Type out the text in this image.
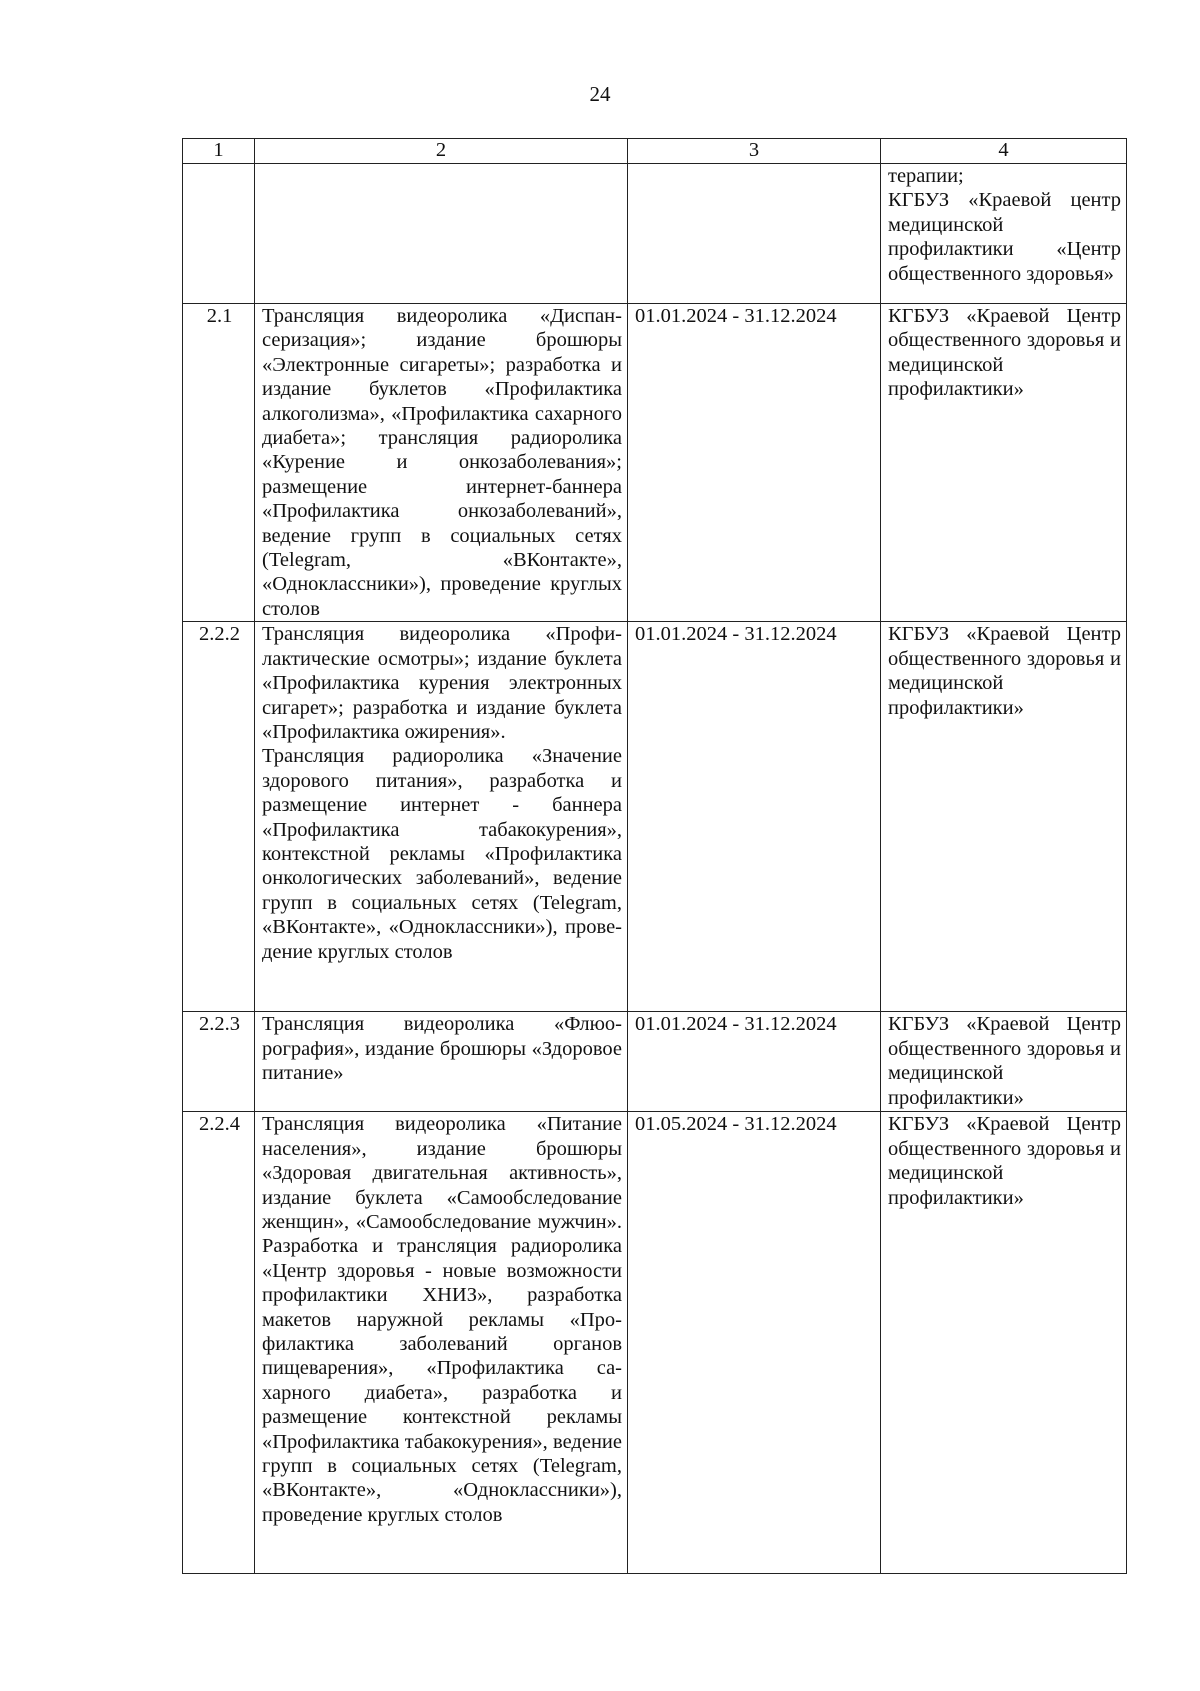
24
1	2	3	4

			терапии;
КГБУЗ «Краевой центр медицинской профилактики «Центр общественного здоровья»

2.1	Трансляция видеоролика «Диспансеризация»; издание брошюры «Электронные сигареты»; разработка и издание буклетов «Профилактика алкоголизма», «Профилактика сахарного диабета»; трансляция радиоролика «Курение и онкозаболевания»; размещение интернет-баннера «Профилактика онкозаболеваний», ведение групп в социальных сетях (Telegram, «ВКонтакте», «Одноклассники»), проведение круглых столов	01.01.2024 - 31.12.2024	КГБУЗ «Краевой Центр общественного здоровья и медицинской профилактики»

2.2.2	Трансляция видеоролика «Профилактические осмотры»; издание буклета «Профилактика курения электронных сигарет»; разработка и издание буклета «Профилактика ожирения».
Трансляция радиоролика «Значение здорового питания», разработка и размещение интернет - баннера «Профилактика табакокурения», контекстной рекламы «Профилактика онкологических заболеваний», ведение групп в социальных сетях (Telegram, «ВКонтакте», «Одноклассники»), проведение круглых столов	01.01.2024 - 31.12.2024	КГБУЗ «Краевой Центр общественного здоровья и медицинской профилактики»

2.2.3	Трансляция видеоролика «Флюорография», издание брошюры «Здоровое питание»	01.01.2024 - 31.12.2024	КГБУЗ «Краевой Центр общественного здоровья и медицинской профилактики»

2.2.4	Трансляция видеоролика «Питание населения», издание брошюры «Здоровая двигательная активность», издание буклета «Самообследование женщин», «Самообследование мужчин». Разработка и трансляция радиоролика «Центр здоровья - новые возможности профилактики ХНИЗ», разработка макетов наружной рекламы «Профилактика заболеваний органов пищеварения», «Профилактика сахарного диабета», разработка и размещение контекстной рекламы «Профилактика табакокурения», ведение групп в социальных сетях (Telegram, «ВКонтакте», «Одноклассники»), проведение круглых столов	01.05.2024 - 31.12.2024	КГБУЗ «Краевой Центр общественного здоровья и медицинской профилактики»
